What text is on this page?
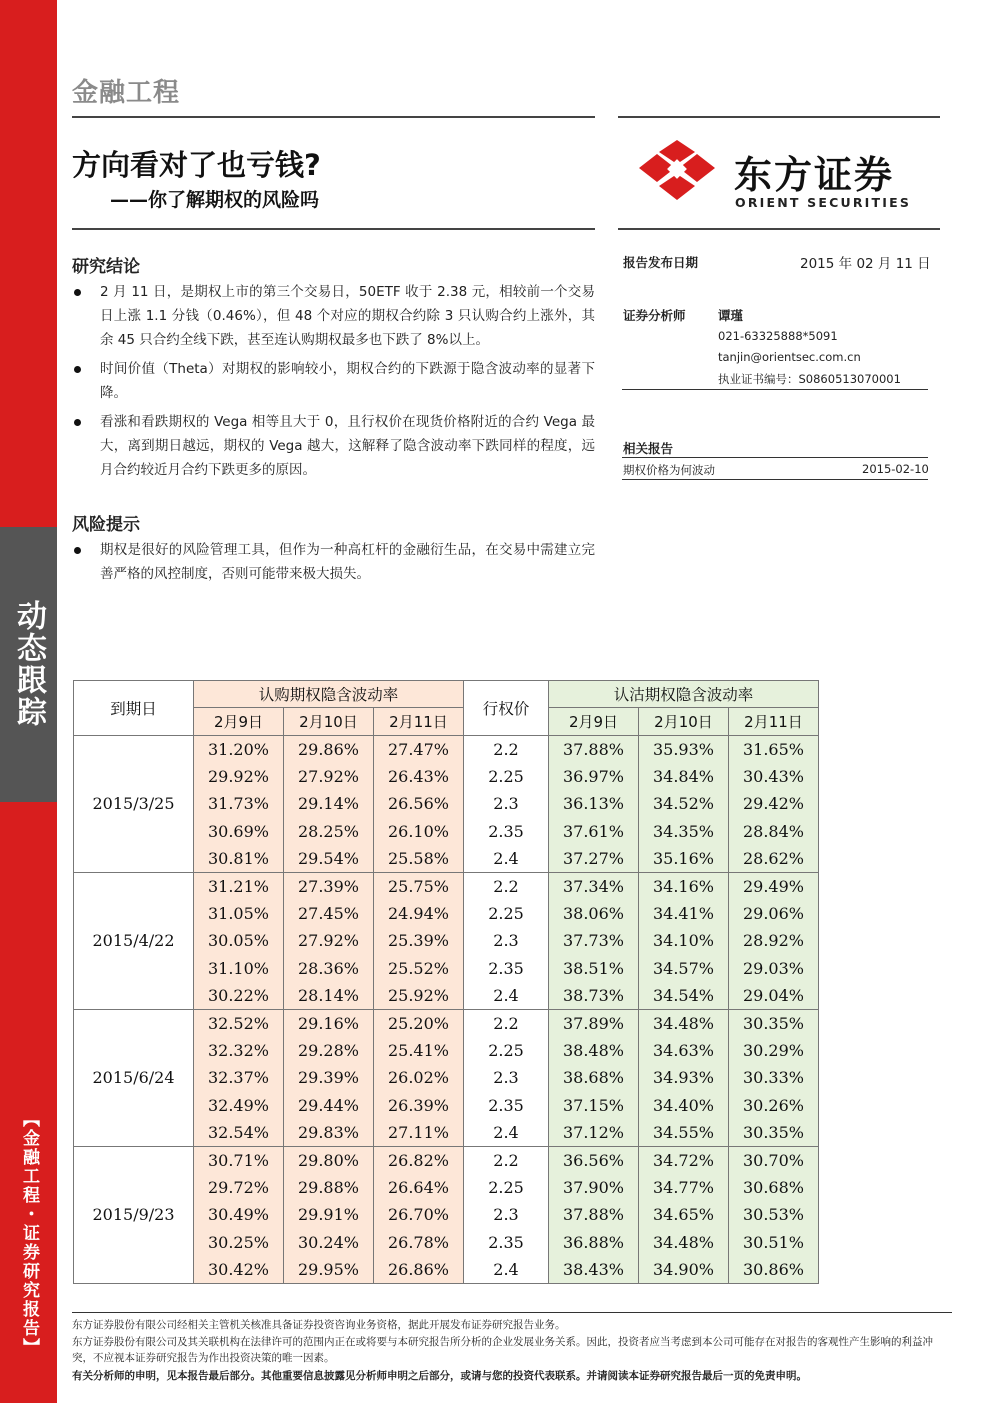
动态跟踪
【金融工程・证券研究报告】
金融工程
方向看对了也亏钱?
——你了解期权的风险吗
东方证券
ORIENT SECURITIES
研究结论
2 月 11 日，是期权上市的第三个交易日，50ETF 收于 2.38 元，相较前一个交易日上涨 1.1 分钱（0.46%），但 48 个对应的期权合约除 3 只认购合约上涨外，其余 45 只合约全线下跌，甚至连认购期权最多也下跌了 8%以上。
时间价值（Theta）对期权的影响较小，期权合约的下跌源于隐含波动率的显著下降。
看涨和看跌期权的 Vega 相等且大于 0，且行权价在现货价格附近的合约 Vega 最大，离到期日越远，期权的 Vega 越大，这解释了隐含波动率下跌同样的程度，远月合约较近月合约下跌更多的原因。
风险提示
期权是很好的风险管理工具，但作为一种高杠杆的金融衍生品，在交易中需建立完善严格的风控制度，否则可能带来极大损失。
报告发布日期	2015 年 02 月 11 日
证券分析师	谭瑾
021-63325888*5091
tanjin@orientsec.com.cn
执业证书编号：S0860513070001
相关报告
期权价格为何波动	2015-02-10
到期日	认购期权隐含波动率			行权价	认沽期权隐含波动率		
	2月9日	2月10日	2月11日		2月9日	2月10日	2月11日
2015/3/25	31.20%	29.86%	27.47%	2.2	37.88%	35.93%	31.65%
	29.92%	27.92%	26.43%	2.25	36.97%	34.84%	30.43%
	31.73%	29.14%	26.56%	2.3	36.13%	34.52%	29.42%
	30.69%	28.25%	26.10%	2.35	37.61%	34.35%	28.84%
	30.81%	29.54%	25.58%	2.4	37.27%	35.16%	28.62%
2015/4/22	31.21%	27.39%	25.75%	2.2	37.34%	34.16%	29.49%
	31.05%	27.45%	24.94%	2.25	38.06%	34.41%	29.06%
	30.05%	27.92%	25.39%	2.3	37.73%	34.10%	28.92%
	31.10%	28.36%	25.52%	2.35	38.51%	34.57%	29.03%
	30.22%	28.14%	25.92%	2.4	38.73%	34.54%	29.04%
2015/6/24	32.52%	29.16%	25.20%	2.2	37.89%	34.48%	30.35%
	32.32%	29.28%	25.41%	2.25	38.48%	34.63%	30.29%
	32.37%	29.39%	26.02%	2.3	38.68%	34.93%	30.33%
	32.49%	29.44%	26.39%	2.35	37.15%	34.40%	30.26%
	32.54%	29.83%	27.11%	2.4	37.12%	34.55%	30.35%
2015/9/23	30.71%	29.80%	26.82%	2.2	36.56%	34.72%	30.70%
	29.72%	29.88%	26.64%	2.25	37.90%	34.77%	30.68%
	30.49%	29.91%	26.70%	2.3	37.88%	34.65%	30.53%
	30.25%	30.24%	26.78%	2.35	36.88%	34.48%	30.51%
	30.42%	29.95%	26.86%	2.4	38.43%	34.90%	30.86%
东方证券股份有限公司经相关主管机关核准具备证券投资咨询业务资格，据此开展发布证券研究报告业务。
东方证券股份有限公司及其关联机构在法律许可的范围内正在或将要与本研究报告所分析的企业发展业务关系。因此，投资者应当考虑到本公司可能存在对报告的客观性产生影响的利益冲突，不应视本证券研究报告为作出投资决策的唯一因素。
有关分析师的申明，见本报告最后部分。其他重要信息披露见分析师申明之后部分，或请与您的投资代表联系。并请阅读本证券研究报告最后一页的免责申明。
